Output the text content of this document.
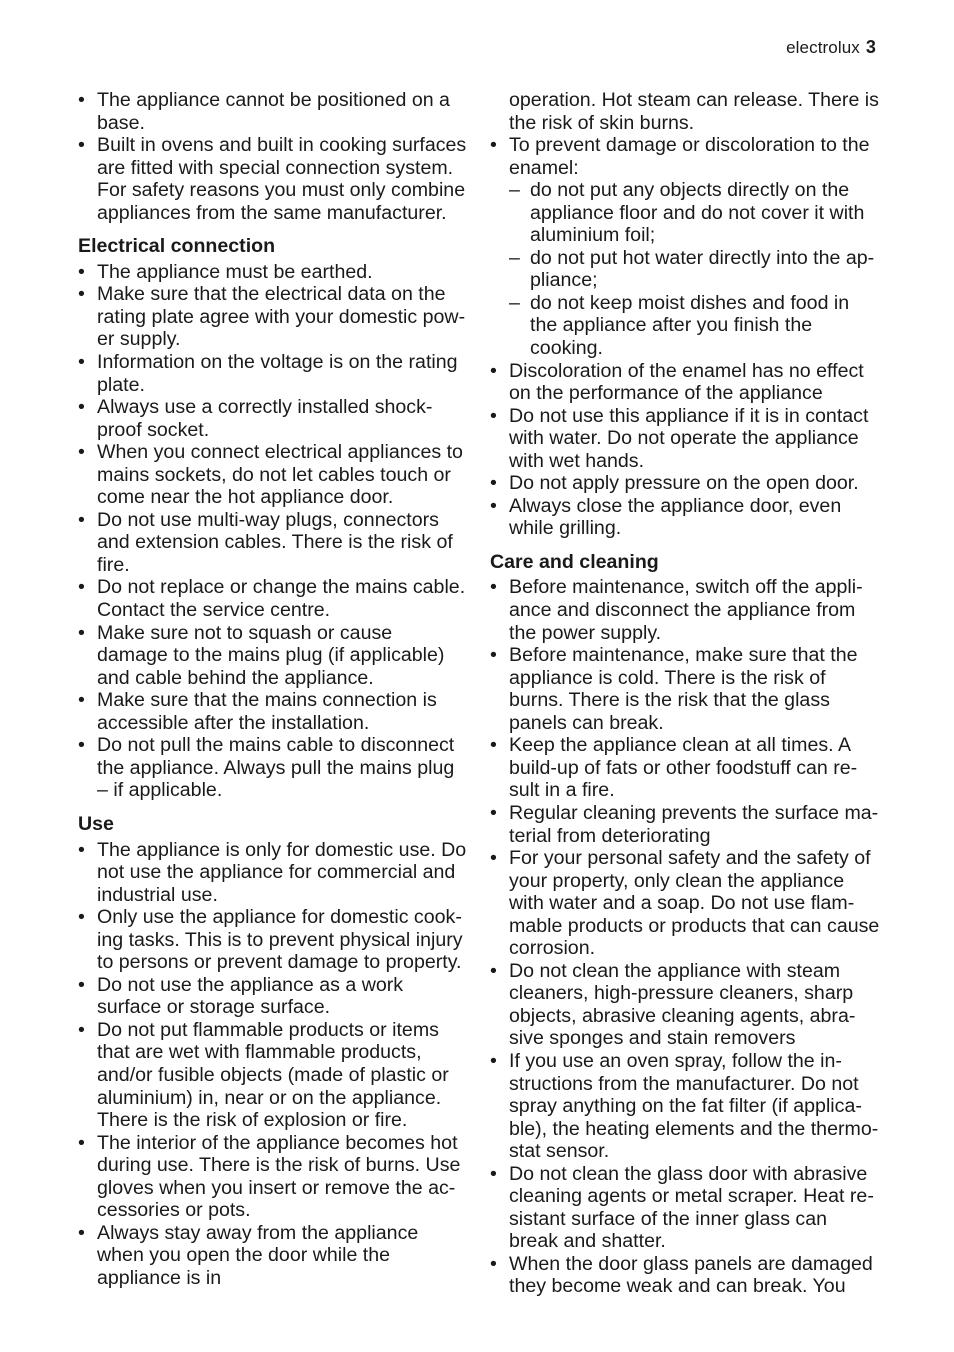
electrolux 3
• The appliance cannot be positioned on a base.
• Built in ovens and built in cooking surfaces are fitted with special connection system. For safety reasons you must only combine appliances from the same manufacturer.
Electrical connection
• The appliance must be earthed.
• Make sure that the electrical data on the rating plate agree with your domestic pow-er supply.
• Information on the voltage is on the rating plate.
• Always use a correctly installed shock-proof socket.
• When you connect electrical appliances to mains sockets, do not let cables touch or come near the hot appliance door.
• Do not use multi-way plugs, connectors and extension cables. There is the risk of fire.
• Do not replace or change the mains cable. Contact the service centre.
• Make sure not to squash or cause damage to the mains plug (if applicable) and cable behind the appliance.
• Make sure that the mains connection is accessible after the installation.
• Do not pull the mains cable to disconnect the appliance. Always pull the mains plug – if applicable.
Use
• The appliance is only for domestic use. Do not use the appliance for commercial and industrial use.
• Only use the appliance for domestic cook-ing tasks. This is to prevent physical injury to persons or prevent damage to property.
• Do not use the appliance as a work surface or storage surface.
• Do not put flammable products or items that are wet with flammable products, and/or fusible objects (made of plastic or aluminium) in, near or on the appliance. There is the risk of explosion or fire.
• The interior of the appliance becomes hot during use. There is the risk of burns. Use gloves when you insert or remove the ac-cessories or pots.
• Always stay away from the appliance when you open the door while the appliance is in

operation. Hot steam can release. There is the risk of skin burns.

• To prevent damage or discoloration to the enamel:
– do not put any objects directly on the appliance floor and do not cover it with aluminium foil;
– do not put hot water directly into the ap-pliance;
– do not keep moist dishes and food in the appliance after you finish the cooking.
• Discoloration of the enamel has no effect on the performance of the appliance
• Do not use this appliance if it is in contact with water. Do not operate the appliance with wet hands.
• Do not apply pressure on the open door.
• Always close the appliance door, even while grilling.
Care and cleaning
• Before maintenance, switch off the appli-ance and disconnect the appliance from the power supply.
• Before maintenance, make sure that the appliance is cold. There is the risk of burns. There is the risk that the glass panels can break.
• Keep the appliance clean at all times. A build-up of fats or other foodstuff can re-sult in a fire.
• Regular cleaning prevents the surface ma-terial from deteriorating
• For your personal safety and the safety of your property, only clean the appliance with water and a soap. Do not use flam-mable products or products that can cause corrosion.
• Do not clean the appliance with steam cleaners, high-pressure cleaners, sharp objects, abrasive cleaning agents, abra-sive sponges and stain removers
• If you use an oven spray, follow the in-structions from the manufacturer. Do not spray anything on the fat filter (if applica-ble), the heating elements and the thermo-stat sensor.
• Do not clean the glass door with abrasive cleaning agents or metal scraper. Heat re-sistant surface of the inner glass can break and shatter.
• When the door glass panels are damaged they become weak and can break. You
